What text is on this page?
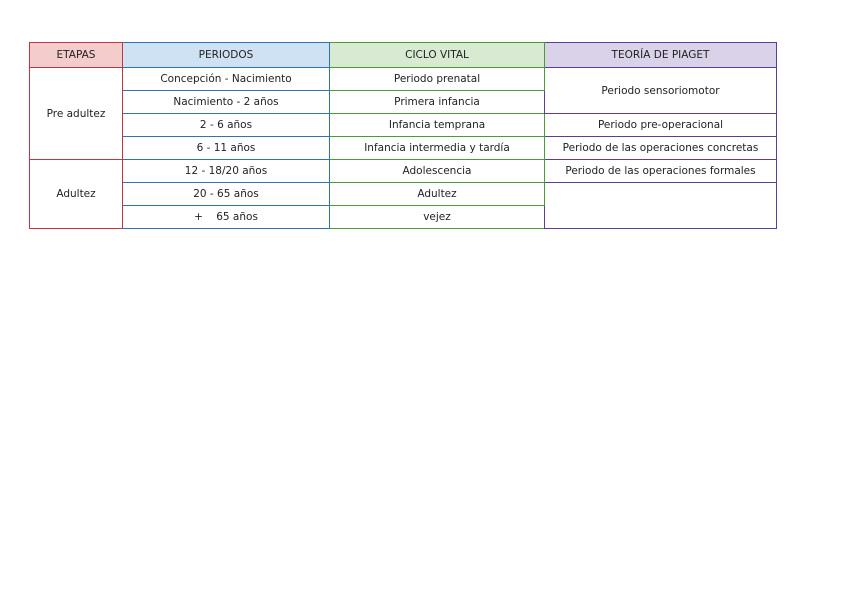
ETAPAS	PERIODOS	CICLO VITAL	TEORÍA DE PIAGET
Pre adultez	Concepción - Nacimiento	Periodo prenatal	Periodo sensoriomotor
	Nacimiento - 2 años	Primera infancia	
	2 - 6 años	Infancia temprana	Periodo pre-operacional
	6 - 11 años	Infancia intermedia y tardía	Periodo de las operaciones concretas
Adultez	12 - 18/20 años	Adolescencia	Periodo de las operaciones formales
	20 - 65 años	Adultez	
	+    65 años	vejez	
